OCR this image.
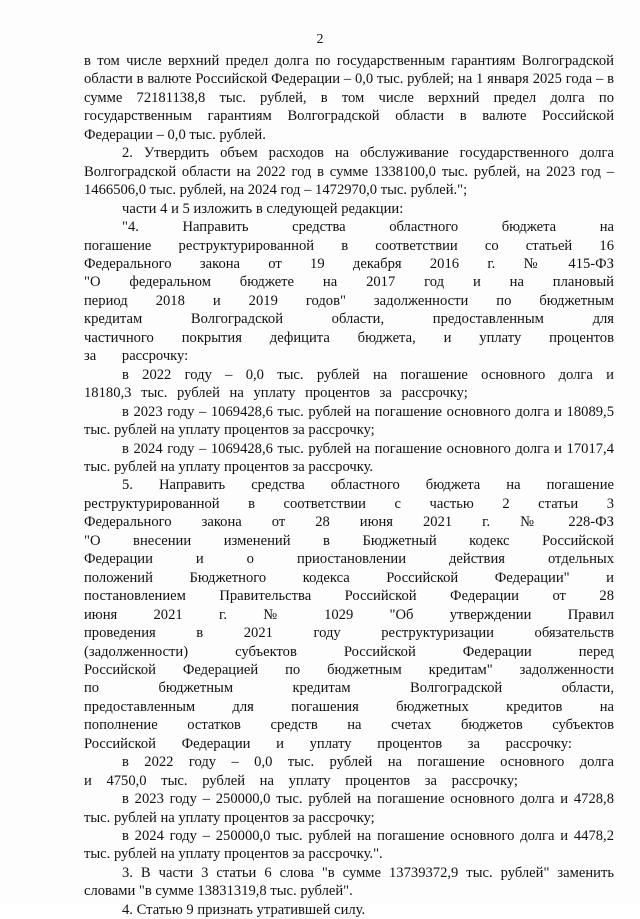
2

в том числе верхний предел долга по государственным гарантиям Волгоградской области в валюте Российской Федерации – 0,0 тыс. рублей; на 1 января 2025 года – в сумме 72181138,8 тыс. рублей, в том числе верхний предел долга по государственным гарантиям Волгоградской области в валюте Российской Федерации – 0,0 тыс. рублей.

2. Утвердить объем расходов на обслуживание государственного долга Волгоградской области на 2022 год в сумме 1338100,0 тыс. рублей, на 2023 год – 1466506,0 тыс. рублей, на 2024 год – 1472970,0 тыс. рублей.";

части 4 и 5 изложить в следующей редакции:

"4. Направить средства областного бюджета на погашение реструктурированной в соответствии со статьей 16 Федерального закона от 19 декабря 2016 г. № 415-ФЗ "О федеральном бюджете на 2017 год и на плановый период 2018 и 2019 годов" задолженности по бюджетным кредитам Волгоградской области, предоставленным для частичного покрытия дефицита бюджета, и уплату процентов за рассрочку:

в 2022 году – 0,0 тыс. рублей на погашение основного долга и 18180,3 тыс. рублей на уплату процентов за рассрочку;

в 2023 году – 1069428,6 тыс. рублей на погашение основного долга и 18089,5 тыс. рублей на уплату процентов за рассрочку;

в 2024 году – 1069428,6 тыс. рублей на погашение основного долга и 17017,4 тыс. рублей на уплату процентов за рассрочку.

5. Направить средства областного бюджета на погашение реструктурированной в соответствии с частью 2 статьи 3 Федерального закона от 28 июня 2021 г. № 228-ФЗ "О внесении изменений в Бюджетный кодекс Российской Федерации и о приостановлении действия отдельных положений Бюджетного кодекса Российской Федерации" и постановлением Правительства Российской Федерации от 28 июня 2021 г. № 1029 "Об утверждении Правил проведения в 2021 году реструктуризации обязательств (задолженности) субъектов Российской Федерации перед Российской Федерацией по бюджетным кредитам" задолженности по бюджетным кредитам Волгоградской области, предоставленным для погашения бюджетных кредитов на пополнение остатков средств на счетах бюджетов субъектов Российской Федерации и уплату процентов за рассрочку:

в 2022 году – 0,0 тыс. рублей на погашение основного долга и 4750,0 тыс. рублей на уплату процентов за рассрочку;

в 2023 году – 250000,0 тыс. рублей на погашение основного долга и 4728,8 тыс. рублей на уплату процентов за рассрочку;

в 2024 году – 250000,0 тыс. рублей на погашение основного долга и 4478,2 тыс. рублей на уплату процентов за рассрочку.".

3. В части 3 статьи 6 слова "в сумме 13739372,9 тыс. рублей" заменить словами "в сумме 13831319,8 тыс. рублей".

4. Статью 9 признать утратившей силу.
